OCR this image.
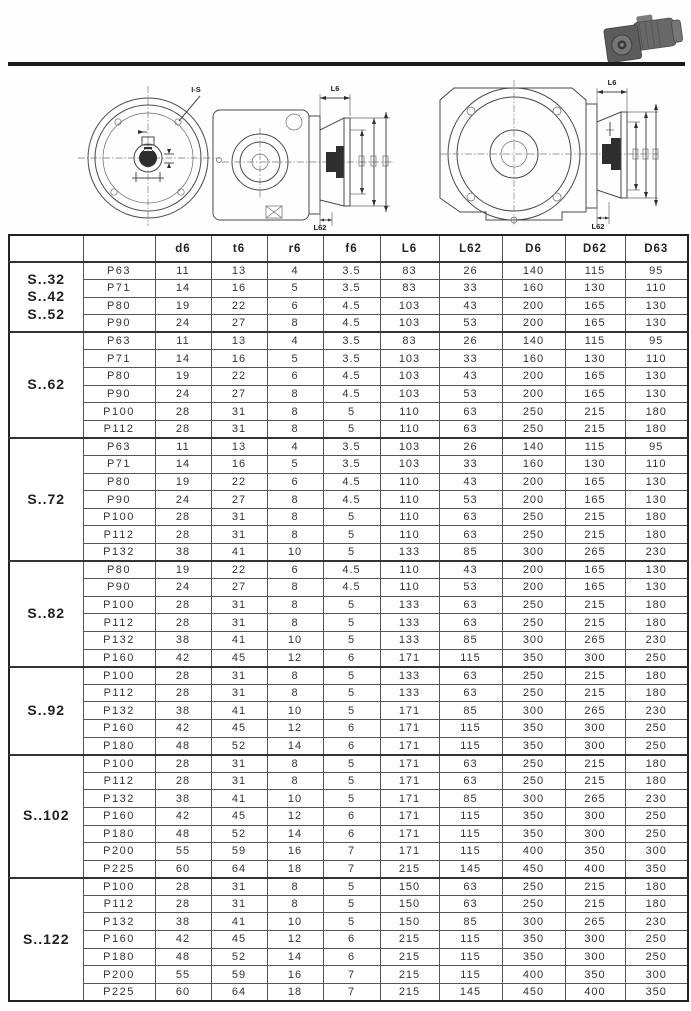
I-S	L6
L62
L6
L62
		d6	t6	r6	f6	L6	L62	D6	D62	D63

S..32
S..42
S..52	P63	11	13	4	3.5	83	26	140	115	95
	P71	14	16	5	3.5	83	33	160	130	110
	P80	19	22	6	4.5	103	43	200	165	130
	P90	24	27	8	4.5	103	53	200	165	130

S..62	P63	11	13	4	3.5	83	26	140	115	95
	P71	14	16	5	3.5	103	33	160	130	110
	P80	19	22	6	4.5	103	43	200	165	130
	P90	24	27	8	4.5	103	53	200	165	130
	P100	28	31	8	5	110	63	250	215	180
	P112	28	31	8	5	110	63	250	215	180

S..72	P63	11	13	4	3.5	103	26	140	115	95
	P71	14	16	5	3.5	103	33	160	130	110
	P80	19	22	6	4.5	110	43	200	165	130
	P90	24	27	8	4.5	110	53	200	165	130
	P100	28	31	8	5	110	63	250	215	180
	P112	28	31	8	5	110	63	250	215	180
	P132	38	41	10	5	133	85	300	265	230

S..82	P80	19	22	6	4.5	110	43	200	165	130
	P90	24	27	8	4.5	110	53	200	165	130
	P100	28	31	8	5	133	63	250	215	180
	P112	28	31	8	5	133	63	250	215	180
	P132	38	41	10	5	133	85	300	265	230
	P160	42	45	12	6	171	115	350	300	250

S..92	P100	28	31	8	5	133	63	250	215	180
	P112	28	31	8	5	133	63	250	215	180
	P132	38	41	10	5	171	85	300	265	230
	P160	42	45	12	6	171	115	350	300	250
	P180	48	52	14	6	171	115	350	300	250

S..102	P100	28	31	8	5	171	63	250	215	180
	P112	28	31	8	5	171	63	250	215	180
	P132	38	41	10	5	171	85	300	265	230
	P160	42	45	12	6	171	115	350	300	250
	P180	48	52	14	6	171	115	350	300	250
	P200	55	59	16	7	171	115	400	350	300
	P225	60	64	18	7	215	145	450	400	350

S..122	P100	28	31	8	5	150	63	250	215	180
	P112	28	31	8	5	150	63	250	215	180
	P132	38	41	10	5	150	85	300	265	230
	P160	42	45	12	6	215	115	350	300	250
	P180	48	52	14	6	215	115	350	300	250
	P200	55	59	16	7	215	115	400	350	300
	P225	60	64	18	7	215	145	450	400	350
